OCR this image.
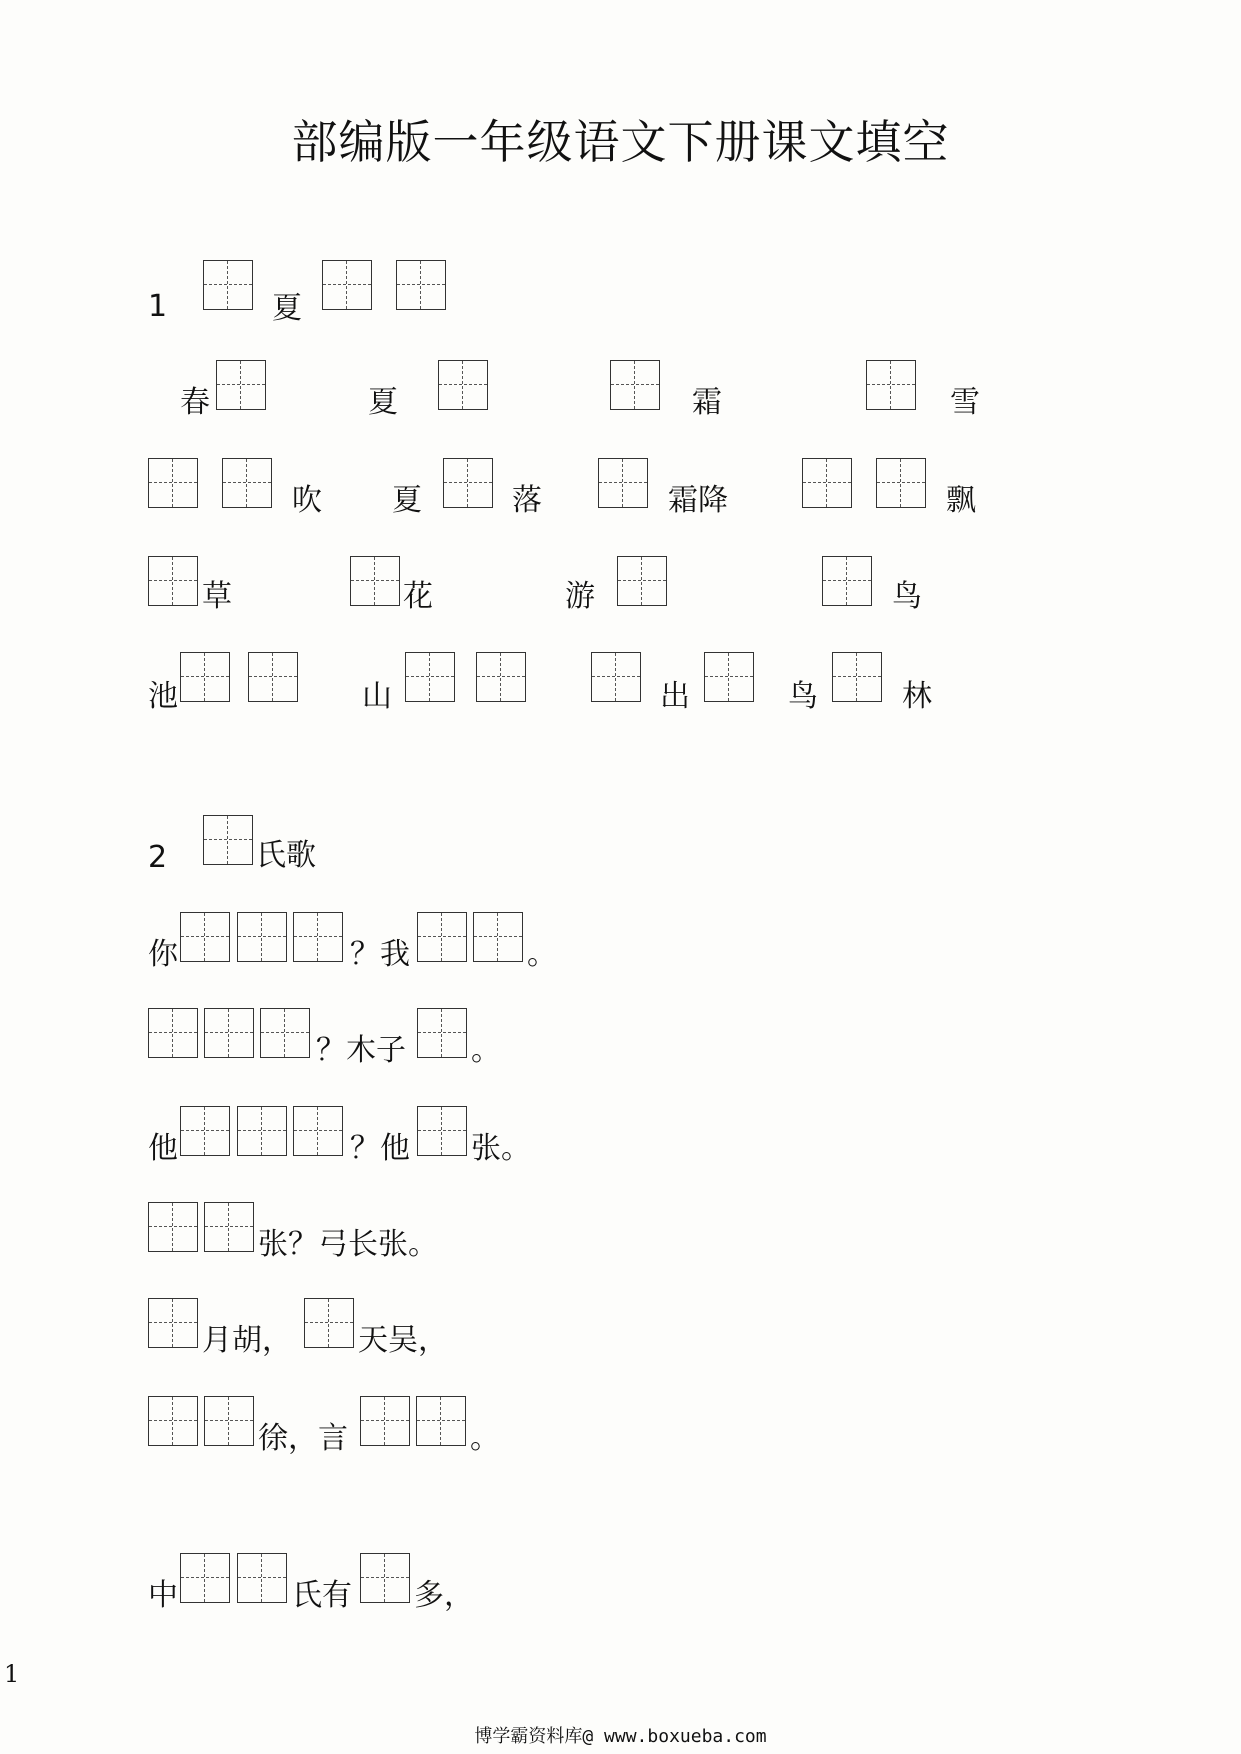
部编版一年级语文下册课文填空
1	夏
春	夏	霜	雪
吹 夏	落	霜降	飘
草	花	游	鸟
池	山	出	鸟	林
2	氏歌
你	？我	。
？木子 。
他	？他 张。
张？弓长张。
月胡， 天吴，
徐，言	。
中	氏有 多，
1
博学霸资料库@ www.boxueba.com
